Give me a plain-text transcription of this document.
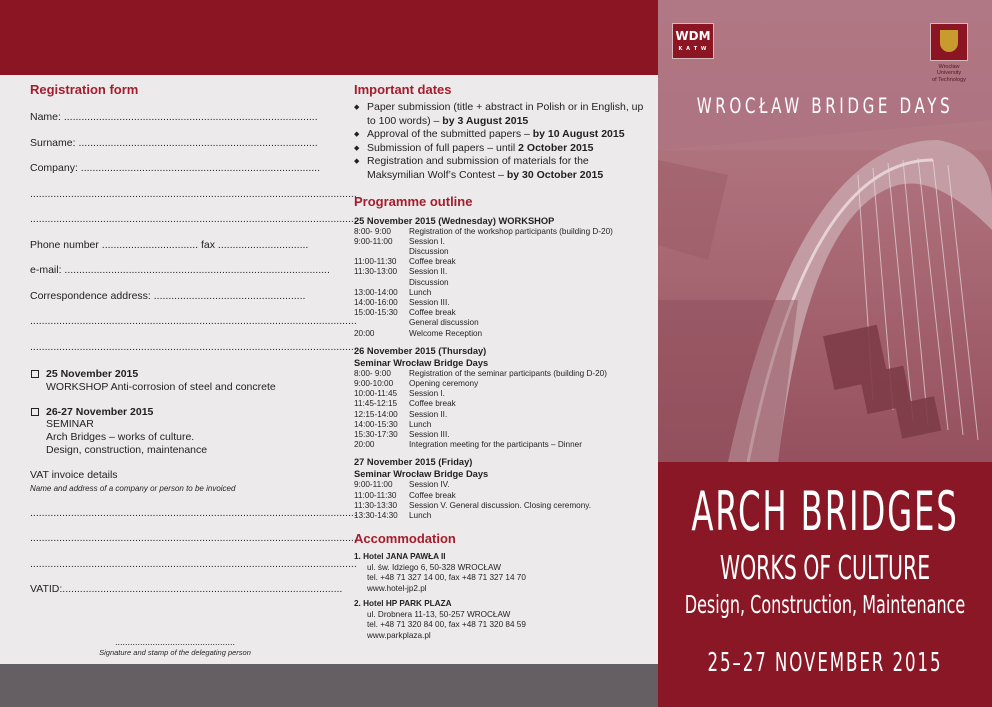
Registration form
Name: .......................................................................................
Surname: ..................................................................................
Company: ..................................................................................
................................................................................................................
................................................................................................................
Phone number ................................. fax ...............................
e-mail: ...........................................................................................
Correspondence address: ....................................................
................................................................................................................
................................................................................................................
25 November 2015
WORKSHOP Anti-corrosion of steel and concrete
26-27 November 2015
SEMINAR
Arch Bridges – works of culture.
Design, construction, maintenance
VAT invoice details
Name and address of a company or person to be invoiced
................................................................................................................
................................................................................................................
................................................................................................................
VATID:................................................................................................
................................................
Signature and stamp of the delegating person
Important dates
◆ Paper submission (title + abstract in Polish or in English, up to 100 words) – by 3 August 2015
◆ Approval of the submitted papers – by 10 August 2015
◆ Submission of full papers – until 2 October 2015
◆ Registration and submission of materials for the Maksymilian Wolf’s Contest – by 30 October 2015
Programme outline
25 November 2015 (Wednesday) WORKSHOP
8:00- 9:00	Registration of the workshop participants (building D-20)
9:00-11:00	Session I.
Discussion
11:00-11:30	Coffee break
11:30-13:00	Session II.
Discussion
13:00-14:00	Lunch
14:00-16:00	Session III.
15:00-15:30	Coffee break
General discussion
20:00	Welcome Reception
26 November 2015 (Thursday)
Seminar Wrocław Bridge Days
8:00- 9:00	Registration of the seminar participants (building D-20)
9:00-10:00	Opening ceremony
10:00-11:45	Session I.
11:45-12:15	Coffee break
12:15-14:00	Session II.
14:00-15:30	Lunch
15:30-17:30	Session III.
20:00	Integration meeting for the participants – Dinner
27 November 2015 (Friday)
Seminar Wrocław Bridge Days
9:00-11:00	Session IV.
11:00-11:30	Coffee break
11:30-13:30	Session V. General discussion. Closing ceremony.
13:30-14:30	Lunch
Accommodation
1. Hotel JANA PAWŁA II
ul. św. Idziego 6, 50-328 WROCŁAW
tel. +48 71 327 14 00, fax +48 71 327 14 70
www.hotel-jp2.pl
2. Hotel HP PARK PLAZA
ul. Drobnera 11-13, 50-257 WROCŁAW
tel. +48 71 320 84 00, fax +48 71 320 84 59
www.parkplaza.pl
WDM
K A T W
Wrocław
University
of Technology
WROCŁAW BRIDGE DAYS
ARCH BRIDGES
WORKS OF CULTURE
Design, Construction, Maintenance
25–27 NOVEMBER 2015
